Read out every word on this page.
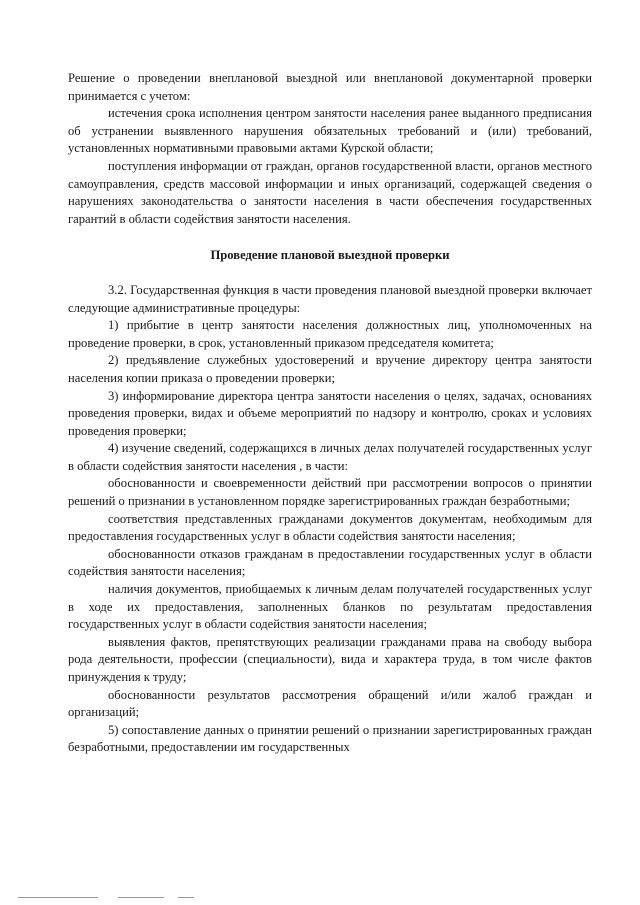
Решение о проведении внеплановой выездной или внеплановой документарной проверки принимается с учетом:

истечения срока исполнения центром занятости населения ранее выданного предписания об устранении выявленного нарушения обязательных требований и (или) требований, установленных нормативными правовыми актами Курской области;

поступления информации от граждан, органов государственной власти, органов местного самоуправления, средств массовой информации и иных организаций, содержащей сведения о нарушениях законодательства о занятости населения в части обеспечения государственных гарантий в области содействия занятости населения.

Проведение плановой выездной проверки

3.2. Государственная функция в части проведения плановой выездной проверки включает следующие административные процедуры:

1) прибытие в центр занятости населения должностных лиц, уполномоченных на проведение проверки, в срок, установленный приказом председателя комитета;

2) предъявление служебных удостоверений и вручение директору центра занятости населения копии приказа о проведении проверки;

3) информирование директора центра занятости населения о целях, задачах, основаниях проведения проверки, видах и объеме мероприятий по надзору и контролю, сроках и условиях проведения проверки;

4) изучение сведений, содержащихся в личных делах получателей государственных услуг в области содействия занятости населения , в части:

обоснованности и своевременности действий при рассмотрении вопросов о принятии решений о признании в установленном порядке зарегистрированных граждан безработными;

соответствия представленных гражданами документов документам, необходимым для предоставления государственных услуг в области содействия занятости населения;

обоснованности отказов гражданам в предоставлении государственных услуг в области содействия занятости населения;

наличия документов, приобщаемых к личным делам получателей государственных услуг в ходе их предоставления, заполненных бланков по результатам предоставления государственных услуг в области содействия занятости населения;

выявления фактов, препятствующих реализации гражданами права на свободу выбора рода деятельности, профессии (специальности), вида и характера труда, в том числе фактов принуждения к труду;

обоснованности результатов рассмотрения обращений и/или жалоб граждан и организаций;

5) сопоставление данных о принятии решений о признании зарегистрированных граждан безработными, предоставлении им государственных
